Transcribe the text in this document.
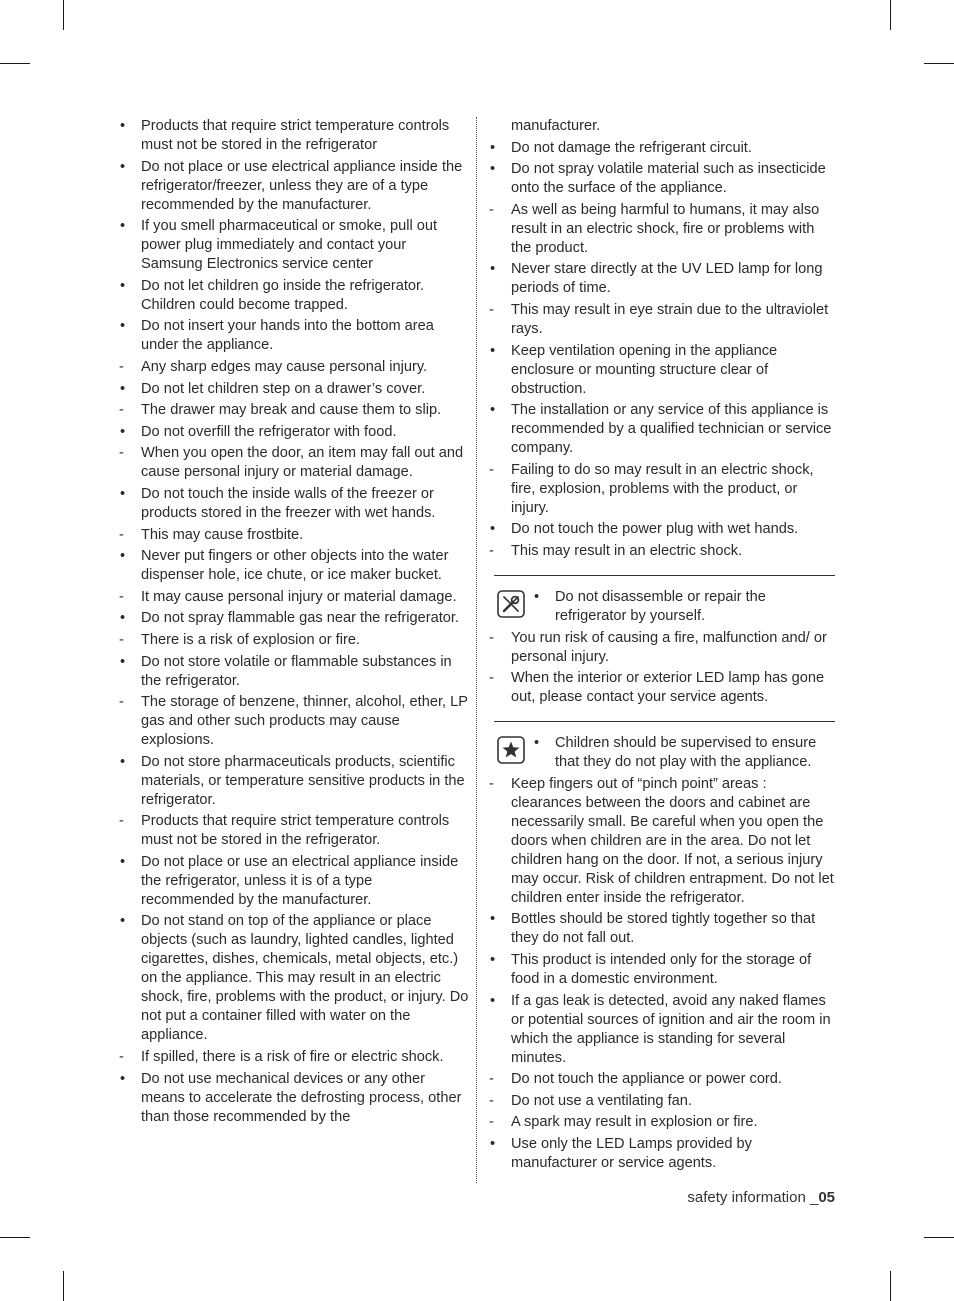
•	Products that require strict temperature controls must not be stored in the refrigerator
•	Do not place or use electrical appliance inside the refrigerator/freezer, unless they are of a type recommended by the manufacturer.
•	If you smell pharmaceutical or smoke, pull out power plug immediately and contact your Samsung Electronics service center
•	Do not let children go inside the refrigerator. Children could become trapped.
•	Do not insert your hands into the bottom area under the appliance.
-	Any sharp edges may cause personal injury.
•	Do not let children step on a drawer’s cover.
-	The drawer may break and cause them to slip.
•	Do not overfill the refrigerator with food.
-	When you open the door, an item may fall out and cause personal injury or material damage.
•	Do not touch the inside walls of the freezer or products stored in the freezer with wet hands.
-	This may cause frostbite.
•	Never put fingers or other objects into the water dispenser hole, ice chute, or ice maker bucket.
-	It may cause personal injury or material damage.
•	Do not spray flammable gas near the refrigerator.
-	There is a risk of explosion or fire.
•	Do not store volatile or flammable substances in the refrigerator.
-	The storage of benzene, thinner, alcohol, ether, LP gas and other such products may cause explosions.
•	Do not store pharmaceuticals products, scientific materials, or temperature sensitive products in the refrigerator.
-	Products that require strict temperature controls must not be stored in the refrigerator.
•	Do not place or use an electrical appliance inside the refrigerator, unless it is of a type recommended by the manufacturer.
•	Do not stand on top of the appliance or place objects (such as laundry, lighted candles, lighted cigarettes, dishes, chemicals, metal objects, etc.) on the appliance. This may result in an electric shock, fire, problems with the product, or injury. Do not put a container filled with water on the appliance.
-	If spilled, there is a risk of fire or electric shock.
•	Do not use mechanical devices or any other means to accelerate the defrosting process, other than those recommended by the
manufacturer.
•	Do not damage the refrigerant circuit.
•	Do not spray volatile material such as insecticide onto the surface of the appliance.
-	As well as being harmful to humans, it may also result in an electric shock, fire or problems with the product.
•	Never stare directly at the UV LED lamp for long periods of time.
-	This may result in eye strain due to the ultraviolet rays.
•	Keep ventilation opening in the appliance enclosure or mounting structure clear of obstruction.
•	The installation or any service of this appliance is recommended by a qualified technician or service company.
-	Failing to do so may result in an electric shock, fire, explosion, problems with the product, or injury.
•	Do not touch the power plug with wet hands.
-	This may result in an electric shock.
•	Do not disassemble or repair the refrigerator by yourself.
-	You run risk of causing a fire, malfunction and/ or personal injury.
-	When the interior or exterior LED lamp has gone out, please contact your service agents.
•	Children should be supervised to ensure that they do not play with the appliance.
-	Keep fingers out of “pinch point” areas : clearances between the doors and cabinet are necessarily small. Be careful when you open the doors when children are in the area. Do not let children hang on the door. If not, a serious injury may occur. Risk of children entrapment. Do not let children enter inside the refrigerator.
•	Bottles should be stored tightly together so that they do not fall out.
•	This product is intended only for the storage of food in a domestic environment.
•	If a gas leak is detected, avoid any naked flames or potential sources of ignition and air the room in which the appliance is standing for several minutes.
-	Do not touch the appliance or power cord.
-	Do not use a ventilating fan.
-	A spark may result in explosion or fire.
•	Use only the LED Lamps provided by manufacturer or service agents.
safety information _05
